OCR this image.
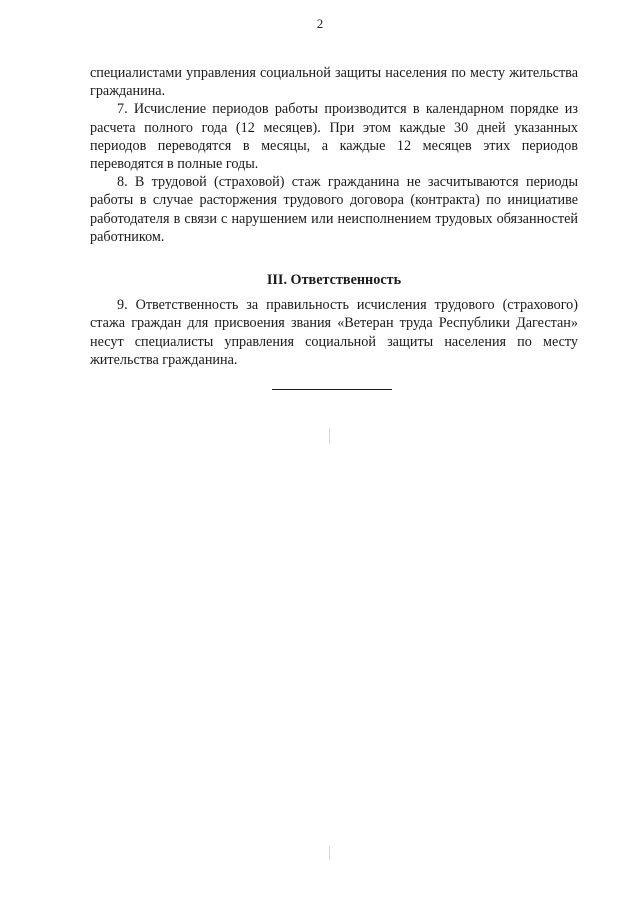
2

специалистами управления социальной защиты населения по месту жительства гражданина.

7. Исчисление периодов работы производится в календарном порядке из расчета полного года (12 месяцев). При этом каждые 30 дней указанных периодов переводятся в месяцы, а каждые 12 месяцев этих периодов переводятся в полные годы.

8. В трудовой (страховой) стаж гражданина не засчитываются периоды работы в случае расторжения трудового договора (контракта) по инициативе работодателя в связи с нарушением или неисполнением трудовых обязанностей работником.

III. Ответственность

9. Ответственность за правильность исчисления трудового (страхового) стажа граждан для присвоения звания «Ветеран труда Республики Дагестан» несут специалисты управления социальной защиты населения по месту жительства гражданина.
